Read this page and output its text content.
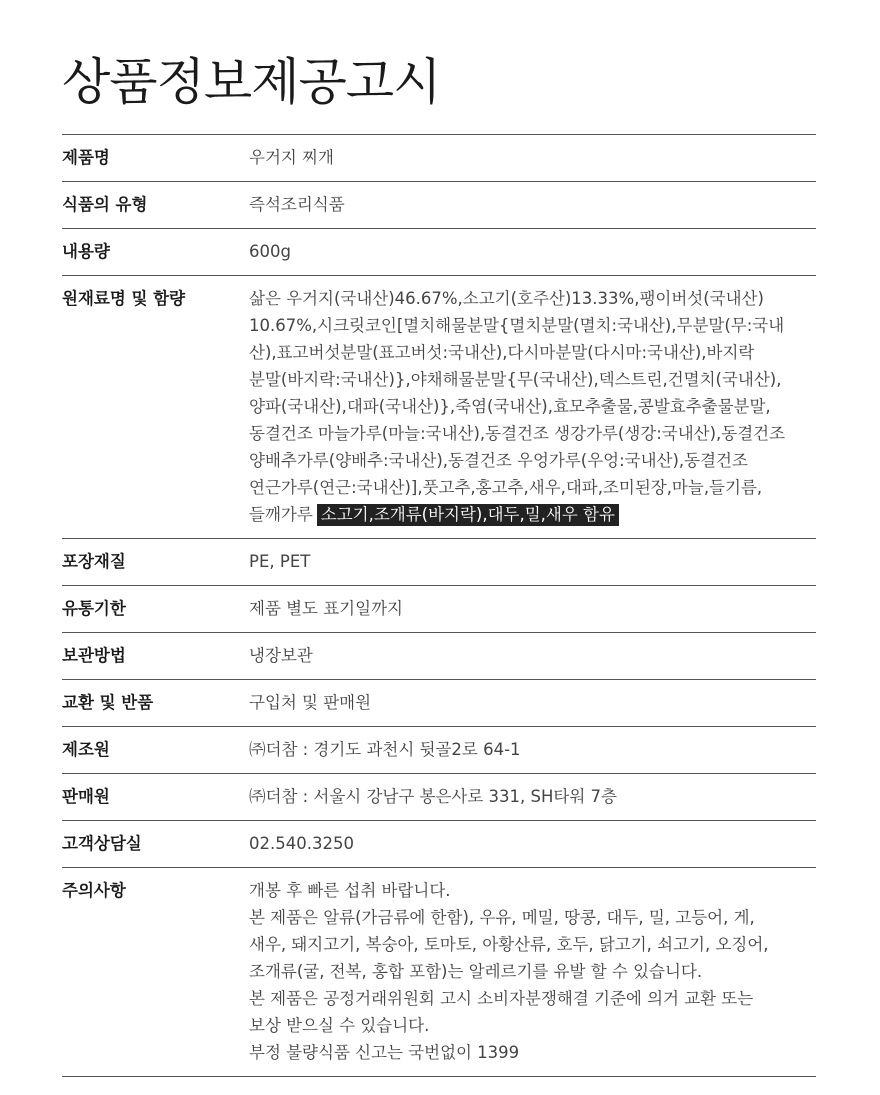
상품정보제공고시
제품명	우거지 찌개
식품의 유형	즉석조리식품
내용량	600g
원재료명 및 함량	삶은 우거지(국내산)46.67%,소고기(호주산)13.33%,팽이버섯(국내산)
10.67%,시크릿코인[멸치해물분말{멸치분말(멸치:국내산),무분말(무:국내
산),표고버섯분말(표고버섯:국내산),다시마분말(다시마:국내산),바지락
분말(바지락:국내산)},야채해물분말{무(국내산),덱스트린,건멸치(국내산),
양파(국내산),대파(국내산)},죽염(국내산),효모추출물,콩발효추출물분말,
동결건조 마늘가루(마늘:국내산),동결건조 생강가루(생강:국내산),동결건조
양배추가루(양배추:국내산),동결건조 우엉가루(우엉:국내산),동결건조
연근가루(연근:국내산)],풋고추,홍고추,새우,대파,조미된장,마늘,들기름,
들깨가루 소고기,조개류(바지락),대두,밀,새우 함유
포장재질	PE, PET
유통기한	제품 별도 표기일까지
보관방법	냉장보관
교환 및 반품	구입처 및 판매원
제조원	㈜더참 : 경기도 과천시 뒷골2로 64-1
판매원	㈜더참 : 서울시 강남구 봉은사로 331, SH타워 7층
고객상담실	02.540.3250
주의사항	개봉 후 빠른 섭취 바랍니다.
본 제품은 알류(가금류에 한함), 우유, 메밀, 땅콩, 대두, 밀, 고등어, 게,
새우, 돼지고기, 복숭아, 토마토, 아황산류, 호두, 닭고기, 쇠고기, 오징어,
조개류(굴, 전복, 홍합 포함)는 알레르기를 유발 할 수 있습니다.
본 제품은 공정거래위원회 고시 소비자분쟁해결 기준에 의거 교환 또는
보상 받으실 수 있습니다.
부정 불량식품 신고는 국번없이 1399
